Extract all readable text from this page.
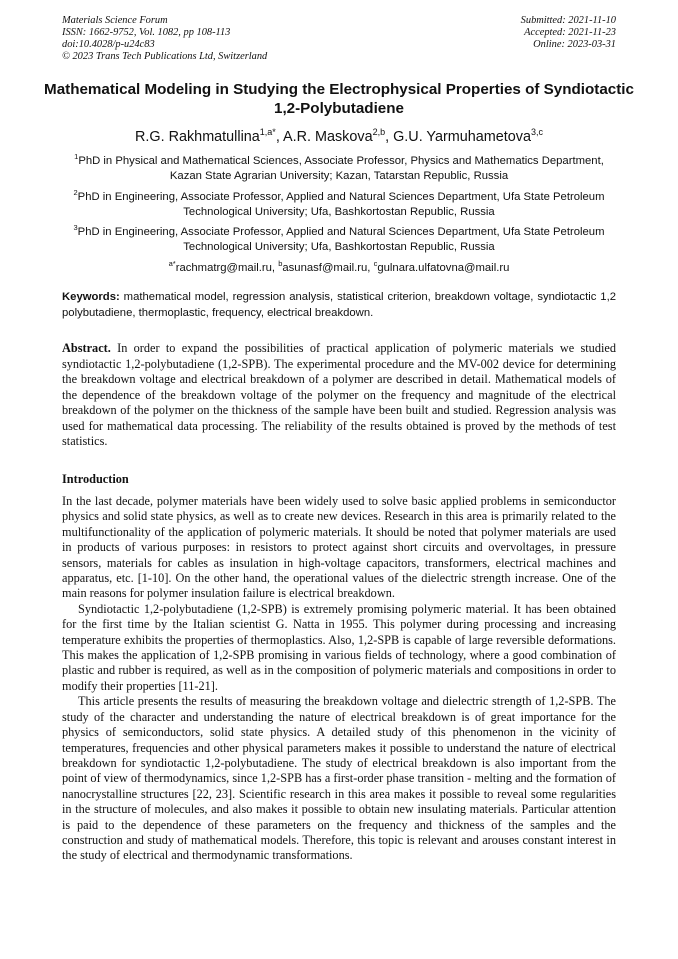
Materials Science Forum
ISSN: 1662-9752, Vol. 1082, pp 108-113
doi:10.4028/p-u24c83
© 2023 Trans Tech Publications Ltd, Switzerland
Submitted: 2021-11-10
Accepted: 2021-11-23
Online: 2023-03-31
Mathematical Modeling in Studying the Electrophysical Properties of Syndiotactic 1,2-Polybutadiene
R.G. Rakhmatullina$^{1,a*}$, A.R. Maskova$^{2,b}$, G.U. Yarmuhametova$^{3,c}$
$^1$PhD in Physical and Mathematical Sciences, Associate Professor, Physics and Mathematics Department, Kazan State Agrarian University; Kazan, Tatarstan Republic, Russia
$^2$PhD in Engineering, Associate Professor, Applied and Natural Sciences Department, Ufa State Petroleum Technological University; Ufa, Bashkortostan Republic, Russia
$^3$PhD in Engineering, Associate Professor, Applied and Natural Sciences Department, Ufa State Petroleum Technological University; Ufa, Bashkortostan Republic, Russia
$^{a*}$rachmatrg@mail.ru, $^b$asunasf@mail.ru, $^c$gulnara.ulfatovna@mail.ru
Keywords: mathematical model, regression analysis, statistical criterion, breakdown voltage, syndiotactic 1,2 polybutadiene, thermoplastic, frequency, electrical breakdown.
Abstract. In order to expand the possibilities of practical application of polymeric materials we studied syndiotactic 1,2-polybutadiene (1,2-SPB). The experimental procedure and the MV-002 device for determining the breakdown voltage and electrical breakdown of a polymer are described in detail. Mathematical models of the dependence of the breakdown voltage of the polymer on the frequency and magnitude of the electrical breakdown of the polymer on the thickness of the sample have been built and studied. Regression analysis was used for mathematical data processing. The reliability of the results obtained is proved by the methods of test statistics.
Introduction

In the last decade, polymer materials have been widely used to solve basic applied problems in semiconductor physics and solid state physics, as well as to create new devices. Research in this area is primarily related to the multifunctionality of the application of polymeric materials. It should be noted that polymer materials are used in products of various purposes: in resistors to protect against short circuits and overvoltages, in pressure sensors, materials for cables as insulation in high-voltage capacitors, transformers, electrical machines and apparatus, etc. [1-10]. On the other hand, the operational values of the dielectric strength increase. One of the main reasons for polymer insulation failure is electrical breakdown.

Syndiotactic 1,2-polybutadiene (1,2-SPB) is extremely promising polymeric material. It has been obtained for the first time by the Italian scientist G. Natta in 1955. This polymer during processing and increasing temperature exhibits the properties of thermoplastics. Also, 1,2-SPB is capable of large reversible deformations. This makes the application of 1,2-SPB promising in various fields of technology, where a good combination of plastic and rubber is required, as well as in the composition of polymeric materials and compositions in order to modify their properties [11-21].

This article presents the results of measuring the breakdown voltage and dielectric strength of 1,2-SPB. The study of the character and understanding the nature of electrical breakdown is of great importance for the physics of semiconductors, solid state physics. A detailed study of this phenomenon in the vicinity of temperatures, frequencies and other physical parameters makes it possible to understand the nature of electrical breakdown for syndiotactic 1,2-polybutadiene. The study of electrical breakdown is also important from the point of view of thermodynamics, since 1,2-SPB has a first-order phase transition - melting and the formation of nanocrystalline structures [22, 23]. Scientific research in this area makes it possible to reveal some regularities in the structure of molecules, and also makes it possible to obtain new insulating materials. Particular attention is paid to the dependence of these parameters on the frequency and thickness of the samples and the construction and study of mathematical models. Therefore, this topic is relevant and arouses constant interest in the study of electrical and thermodynamic transformations.
